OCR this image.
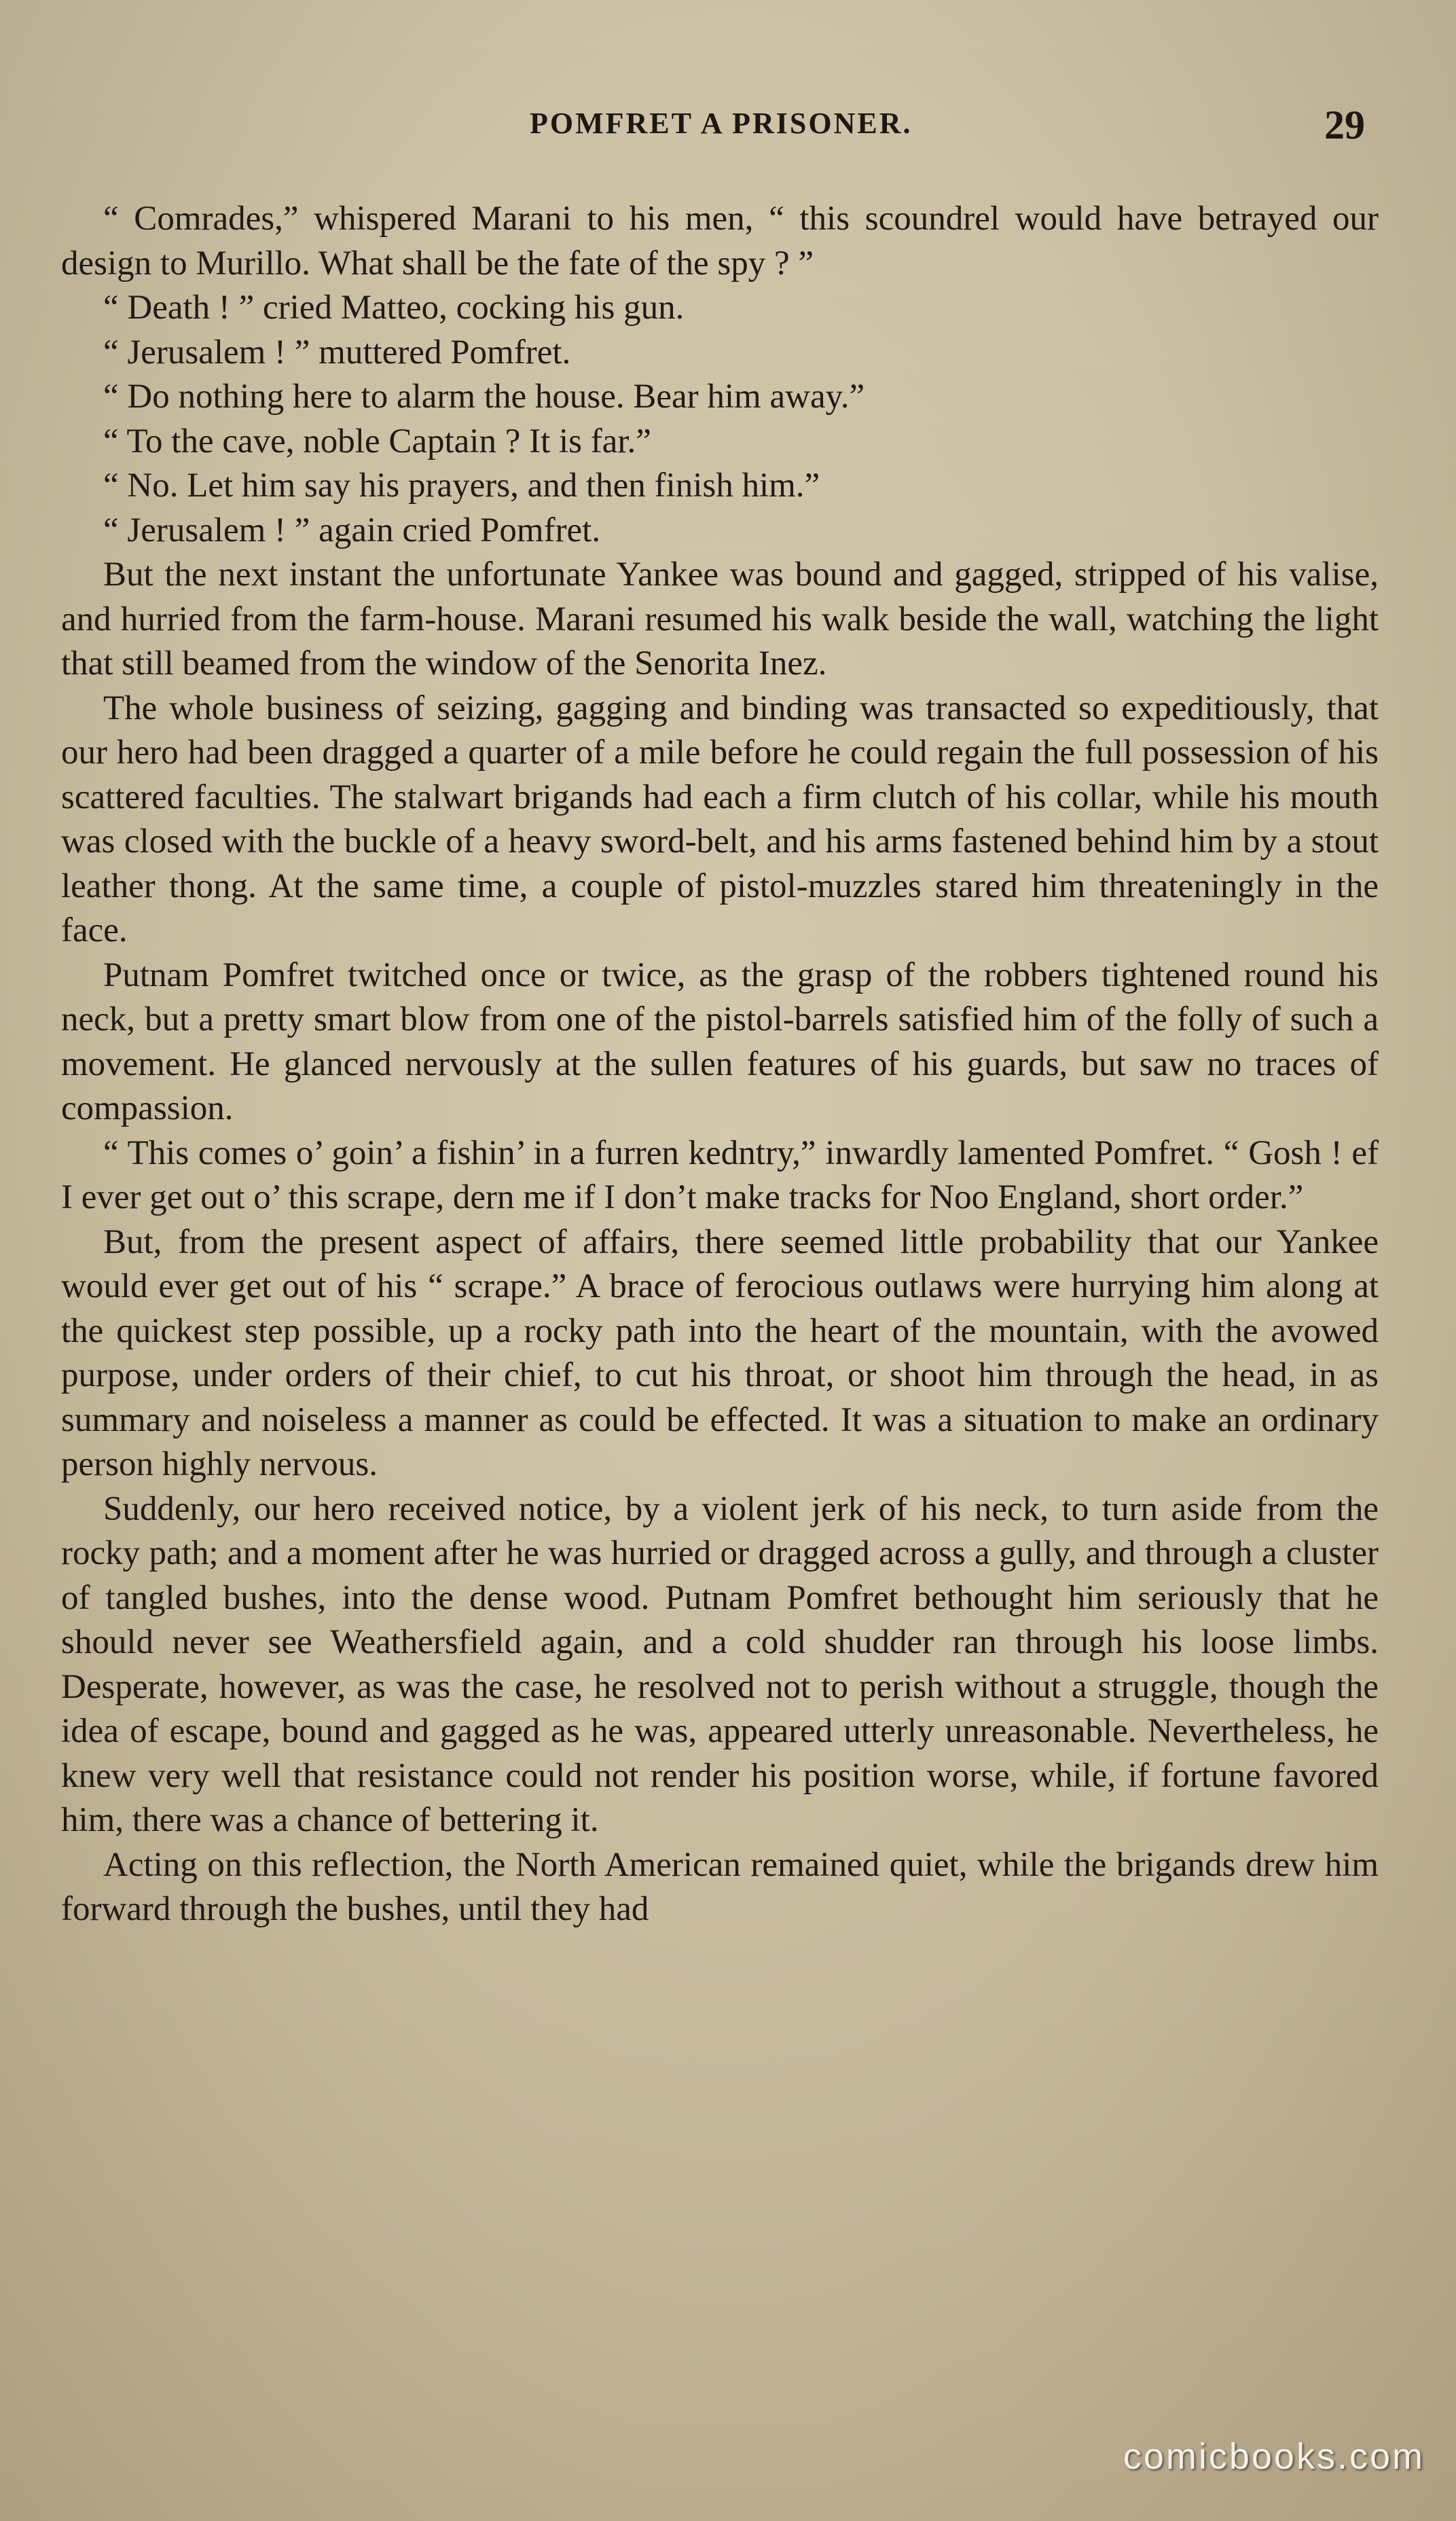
POMFRET A PRISONER.	29

“ Comrades,” whispered Marani to his men, “ this scoundrel would have betrayed our design to Murillo. What shall be the fate of the spy ? ”

“ Death ! ” cried Matteo, cocking his gun.

“ Jerusalem ! ” muttered Pomfret.

“ Do nothing here to alarm the house. Bear him away.”

“ To the cave, noble Captain ? It is far.”

“ No. Let him say his prayers, and then finish him.”

“ Jerusalem ! ” again cried Pomfret.

But the next instant the unfortunate Yankee was bound and gagged, stripped of his valise, and hurried from the farm-house. Marani resumed his walk beside the wall, watching the light that still beamed from the window of the Senorita Inez.

The whole business of seizing, gagging and binding was transacted so expeditiously, that our hero had been dragged a quarter of a mile before he could regain the full possession of his scattered faculties. The stalwart brigands had each a firm clutch of his collar, while his mouth was closed with the buckle of a heavy sword-belt, and his arms fastened behind him by a stout leather thong. At the same time, a couple of pistol-muzzles stared him threateningly in the face.

Putnam Pomfret twitched once or twice, as the grasp of the robbers tightened round his neck, but a pretty smart blow from one of the pistol-barrels satisfied him of the folly of such a movement. He glanced nervously at the sullen features of his guards, but saw no traces of compassion.

“ This comes o’ goin’ a fishin’ in a furren kedntry,” inwardly lamented Pomfret. “ Gosh ! ef I ever get out o’ this scrape, dern me if I don’t make tracks for Noo England, short order.”

But, from the present aspect of affairs, there seemed little probability that our Yankee would ever get out of his “ scrape.” A brace of ferocious outlaws were hurrying him along at the quickest step possible, up a rocky path into the heart of the mountain, with the avowed purpose, under orders of their chief, to cut his throat, or shoot him through the head, in as summary and noiseless a manner as could be effected. It was a situation to make an ordinary person highly nervous.

Suddenly, our hero received notice, by a violent jerk of his neck, to turn aside from the rocky path; and a moment after he was hurried or dragged across a gully, and through a cluster of tangled bushes, into the dense wood. Putnam Pomfret bethought him seriously that he should never see Weathersfield again, and a cold shudder ran through his loose limbs. Desperate, however, as was the case, he resolved not to perish without a struggle, though the idea of escape, bound and gagged as he was, appeared utterly unreasonable. Nevertheless, he knew very well that resistance could not render his position worse, while, if fortune favored him, there was a chance of bettering it.

Acting on this reflection, the North American remained quiet, while the brigands drew him forward through the bushes, until they had

comicbooks.com
